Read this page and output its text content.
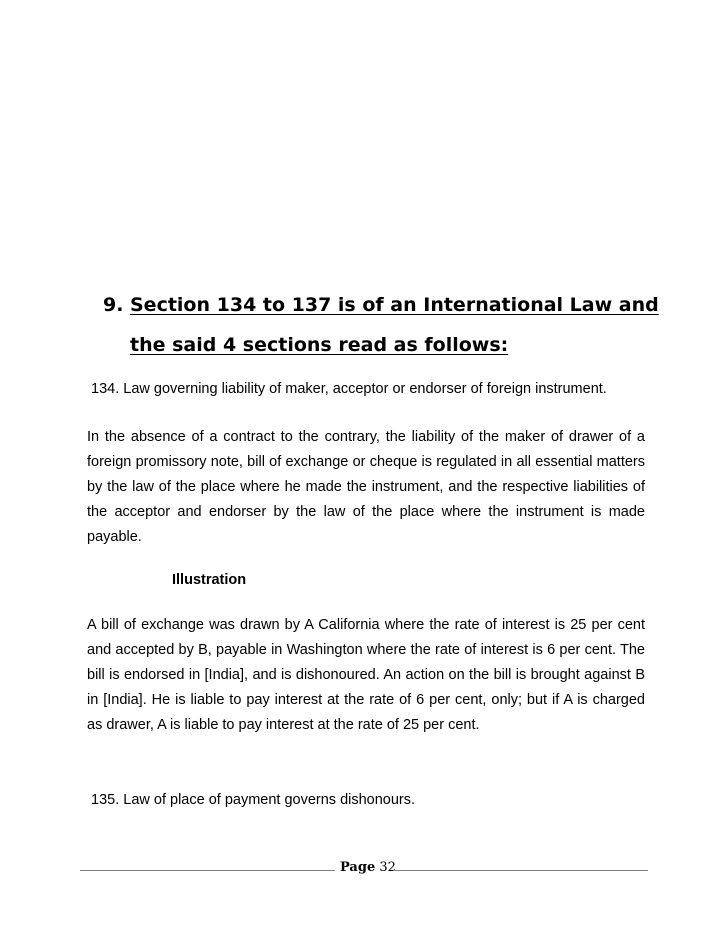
9. Section 134 to 137 is of an International Law and
the said 4 sections read as follows:
134. Law governing liability of maker, acceptor or endorser of foreign instrument.

In the absence of a contract to the contrary, the liability of the maker of drawer of a foreign promissory note, bill of exchange or cheque is regulated in all essential matters by the law of the place where he made the instrument, and the respective liabilities of the acceptor and endorser by the law of the place where the instrument is made payable.

Illustration

A bill of exchange was drawn by A California where the rate of interest is 25 per cent and accepted by B, payable in Washington where the rate of interest is 6 per cent. The bill is endorsed in [India], and is dishonoured. An action on the bill is brought against B in [India]. He is liable to pay interest at the rate of 6 per cent, only; but if A is charged as drawer, A is liable to pay interest at the rate of 25 per cent.

135. Law of place of payment governs dishonours.
Page 32
